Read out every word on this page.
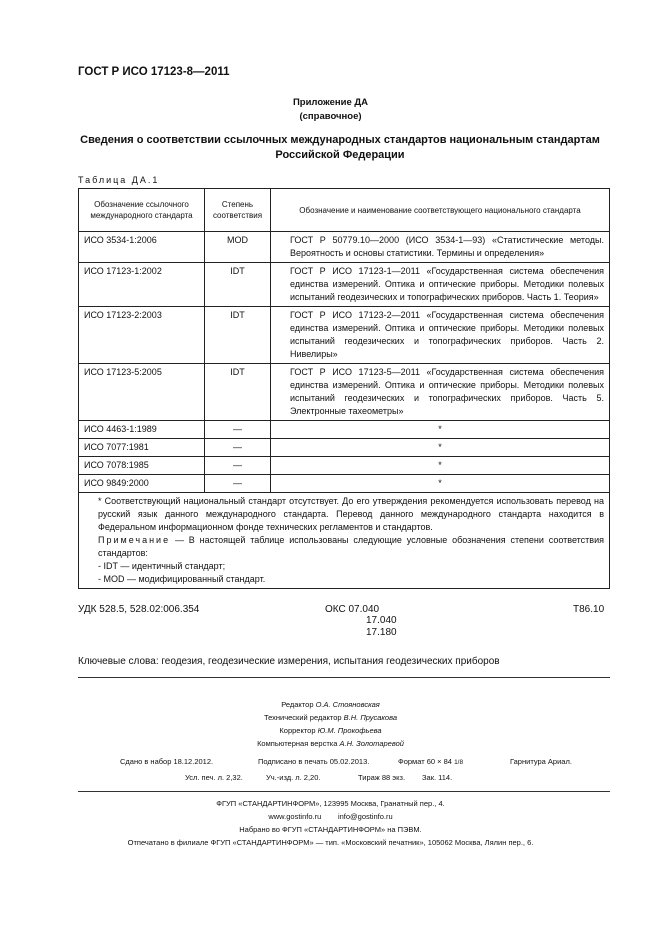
ГОСТ Р ИСО 17123-8—2011
Приложение ДА
(справочное)
Сведения о соответствии ссылочных международных стандартов национальным стандартам
Российской Федерации
Таблица ДА.1
Обозначение ссылочного международного стандарта	Степень соответствия	Обозначение и наименование соответствующего национального стандарта
ИСО 3534-1:2006	MOD	ГОСТ Р 50779.10—2000 (ИСО 3534-1—93) «Статистические методы. Вероятность и основы статистики. Термины и определения»

ИСО 17123-1:2002	IDT	ГОСТ Р ИСО 17123-1—2011 «Государственная система обеспечения единства измерений. Оптика и оптические приборы. Методики полевых испытаний геодезических и топографических приборов. Часть 1. Теория»

ИСО 17123-2:2003	IDT	ГОСТ Р ИСО 17123-2—2011 «Государственная система обеспечения единства измерений. Оптика и оптические приборы. Методики полевых испытаний геодезических и топографических приборов. Часть 2. Нивелиры»

ИСО 17123-5:2005	IDT	ГОСТ Р ИСО 17123-5—2011 «Государственная система обеспечения единства измерений. Оптика и оптические приборы. Методики полевых испытаний геодезических и топографических приборов. Часть 5. Электронные тахеометры»

ИСО 4463-1:1989	—	*
ИСО 7077:1981	—	*
ИСО 7078:1985	—	*
ИСО 9849:2000	—	*

* Соответствующий национальный стандарт отсутствует. До его утверждения рекомендуется использовать перевод на русский язык данного международного стандарта. Перевод данного международного стандарта находится в Федеральном информационном фонде технических регламентов и стандартов.

Примечание — В настоящей таблице использованы следующие условные обозначения степени соответствия стандартов:

- IDT — идентичный стандарт;

- MOD — модифицированный стандарт.		

УДК 528.5, 528.02:006.354	ОКС 07.040
17.040
17.180
Т86.10
Ключевые слова: геодезия, геодезические измерения, испытания геодезических приборов
Редактор О.А. Стояновская
Технический редактор В.Н. Прусакова
Корректор Ю.М. Прокофьева
Компьютерная верстка А.Н. Золотаревой
Сдано в набор 18.12.2012.	Подписано в печать 05.02.2013.	Формат 60 × 84 1/8	Гарнитура Ариал.
Усл. печ. л. 2,32.	Уч.-изд. л. 2,20.	Тираж 88 экз. Зак. 114.
ФГУП «СТАНДАРТИНФОРМ», 123995 Москва, Гранатный пер., 4.
www.gostinfo.ru info@gostinfo.ru
Набрано во ФГУП «СТАНДАРТИНФОРМ» на ПЭВМ.
Отпечатано в филиале ФГУП «СТАНДАРТИНФОРМ» — тип. «Московский печатник», 105062 Москва, Лялин пер., 6.
